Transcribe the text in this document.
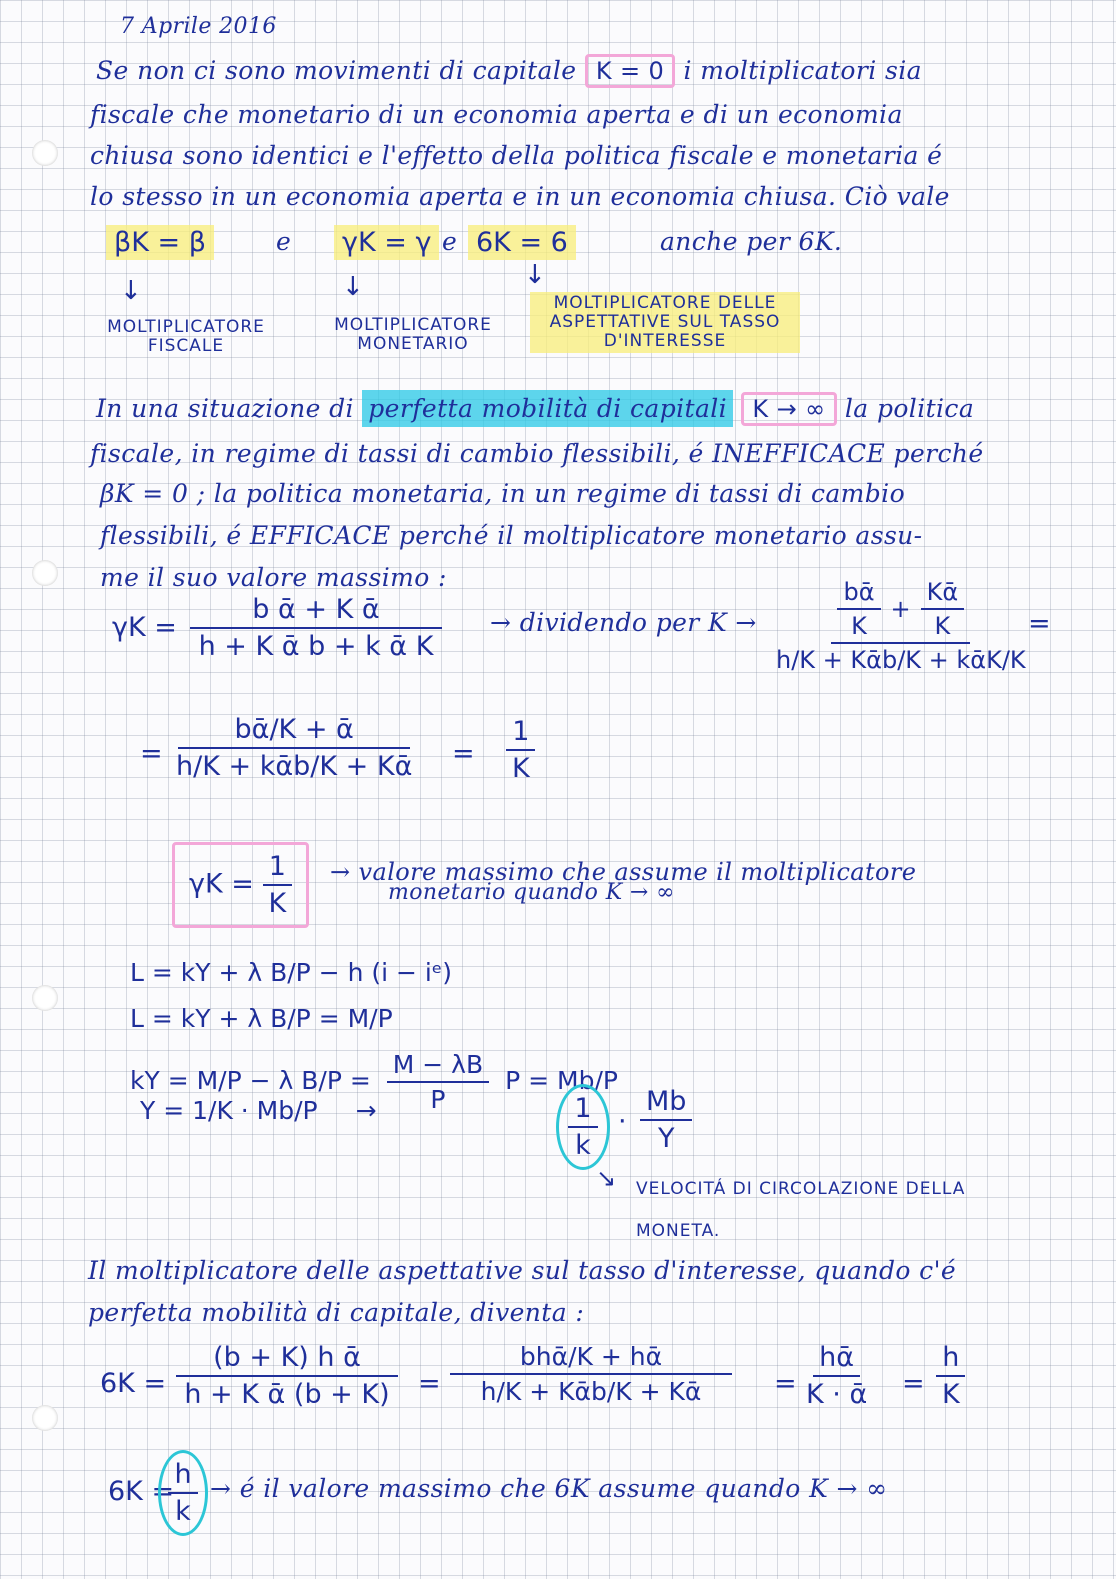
7 Aprile 2016
Se non ci sono movimenti di capitale K = 0 i moltiplicatori sia
fiscale che monetario di un economia aperta e di un economia
chiusa sono identici e l'effetto della politica fiscale e monetaria é
lo stesso in un economia aperta e in un economia chiusa. Ciò vale
βK = β	e γK = γ e 6K = 6	anche per 6K.
↓	↓	↓
MOLTIPLICATORE FISCALE
MOLTIPLICATORE MONETARIO
MOLTIPLICATORE DELLE ASPETTATIVE SUL TASSO D'INTERESSE
In una situazione di perfetta mobilità di capitali K → ∞ la politica
fiscale, in regime di tassi di cambio flessibili, é INEFFICACE perché
βK = 0 ; la politica monetaria, in un regime di tassi di cambio
flessibili, é EFFICACE perché il moltiplicatore monetario assu-
me il suo valore massimo :
$\gamma K = \frac{\text{b ᾱ + K ᾱ}}{\text{h + K ᾱ b + k ᾱ K}}$ → dividendo per $K \to \frac{\frac{\text{bᾱ}}{K} + \frac{\text{Kᾱ}}{K}}{\text{h/K + Kᾱb/K + kᾱK/K}}$
=
= $\frac{\text{bᾱ/K + ᾱ}}{\text{h/K + kᾱb/K + Kᾱ}} = \frac{1}{K}$
$\gamma K = \frac{1}{K}$ → valore massimo che assume il moltiplicatore
monetario quando K → ∞
L = kY + λ B/P − h (i − iᵉ)
L = kY + λ B/P = M/P
kY = M/P − λ $B/P = \frac{M - \lambda B}{P}$ P = Mb/P
Y = 1/K · Mb/P →	$\frac{1}{k} \cdot \frac{Mb}{Y}$
↘ VELOCITÁ DI CIRCOLAZIONE DELLA
MONETA.
Il moltiplicatore delle aspettative sul tasso d'interesse, quando c'é
perfetta mobilità di capitale, diventa :
$6K = \frac{\text{(b + K) h ᾱ}}{\text{h + K ᾱ (b + K)}} = \frac{\text{bhᾱ/K + hᾱ}}{\text{h/K + Kᾱb/K + Kᾱ}} = \frac{\text{hᾱ}}{\text{K · ᾱ}} = \frac{h}{K}$
6K =
$\frac{h}{k}$ → é il valore massimo che 6K assume quando K → ∞
